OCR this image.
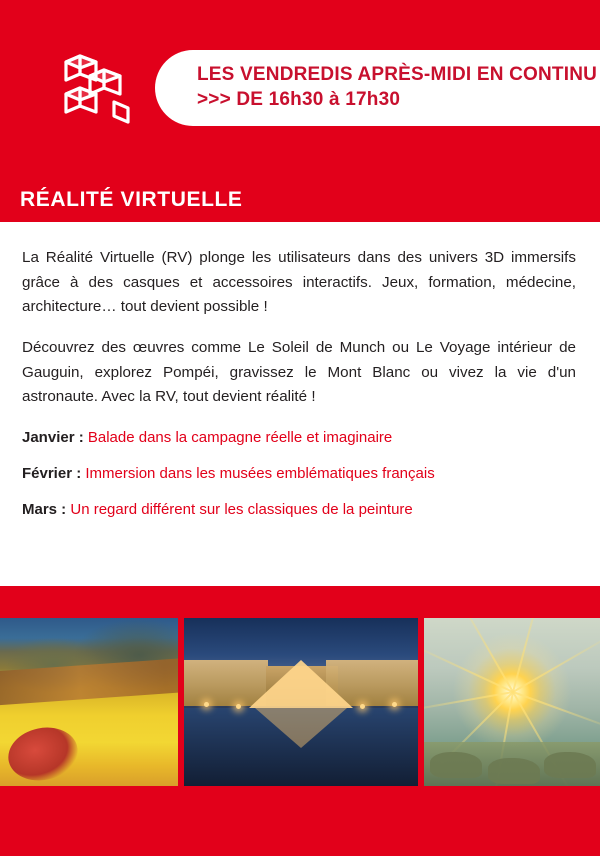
LES VENDREDIS APRÈS-MIDI EN CONTINU
>>> DE 16h30 à 17h30
RÉALITÉ VIRTUELLE

La Réalité Virtuelle (RV) plonge les utilisateurs dans des univers 3D immersifs grâce à des casques et accessoires interactifs. Jeux, formation, médecine, architecture… tout devient possible !

Découvrez des œuvres comme Le Soleil de Munch ou Le Voyage intérieur de Gauguin, explorez Pompéi, gravissez le Mont Blanc ou vivez la vie d'un astronaute. Avec la RV, tout devient réalité !

Janvier : Balade dans la campagne réelle et imaginaire
Février : Immersion dans les musées emblématiques français
Mars : Un regard différent sur les classiques de la peinture
